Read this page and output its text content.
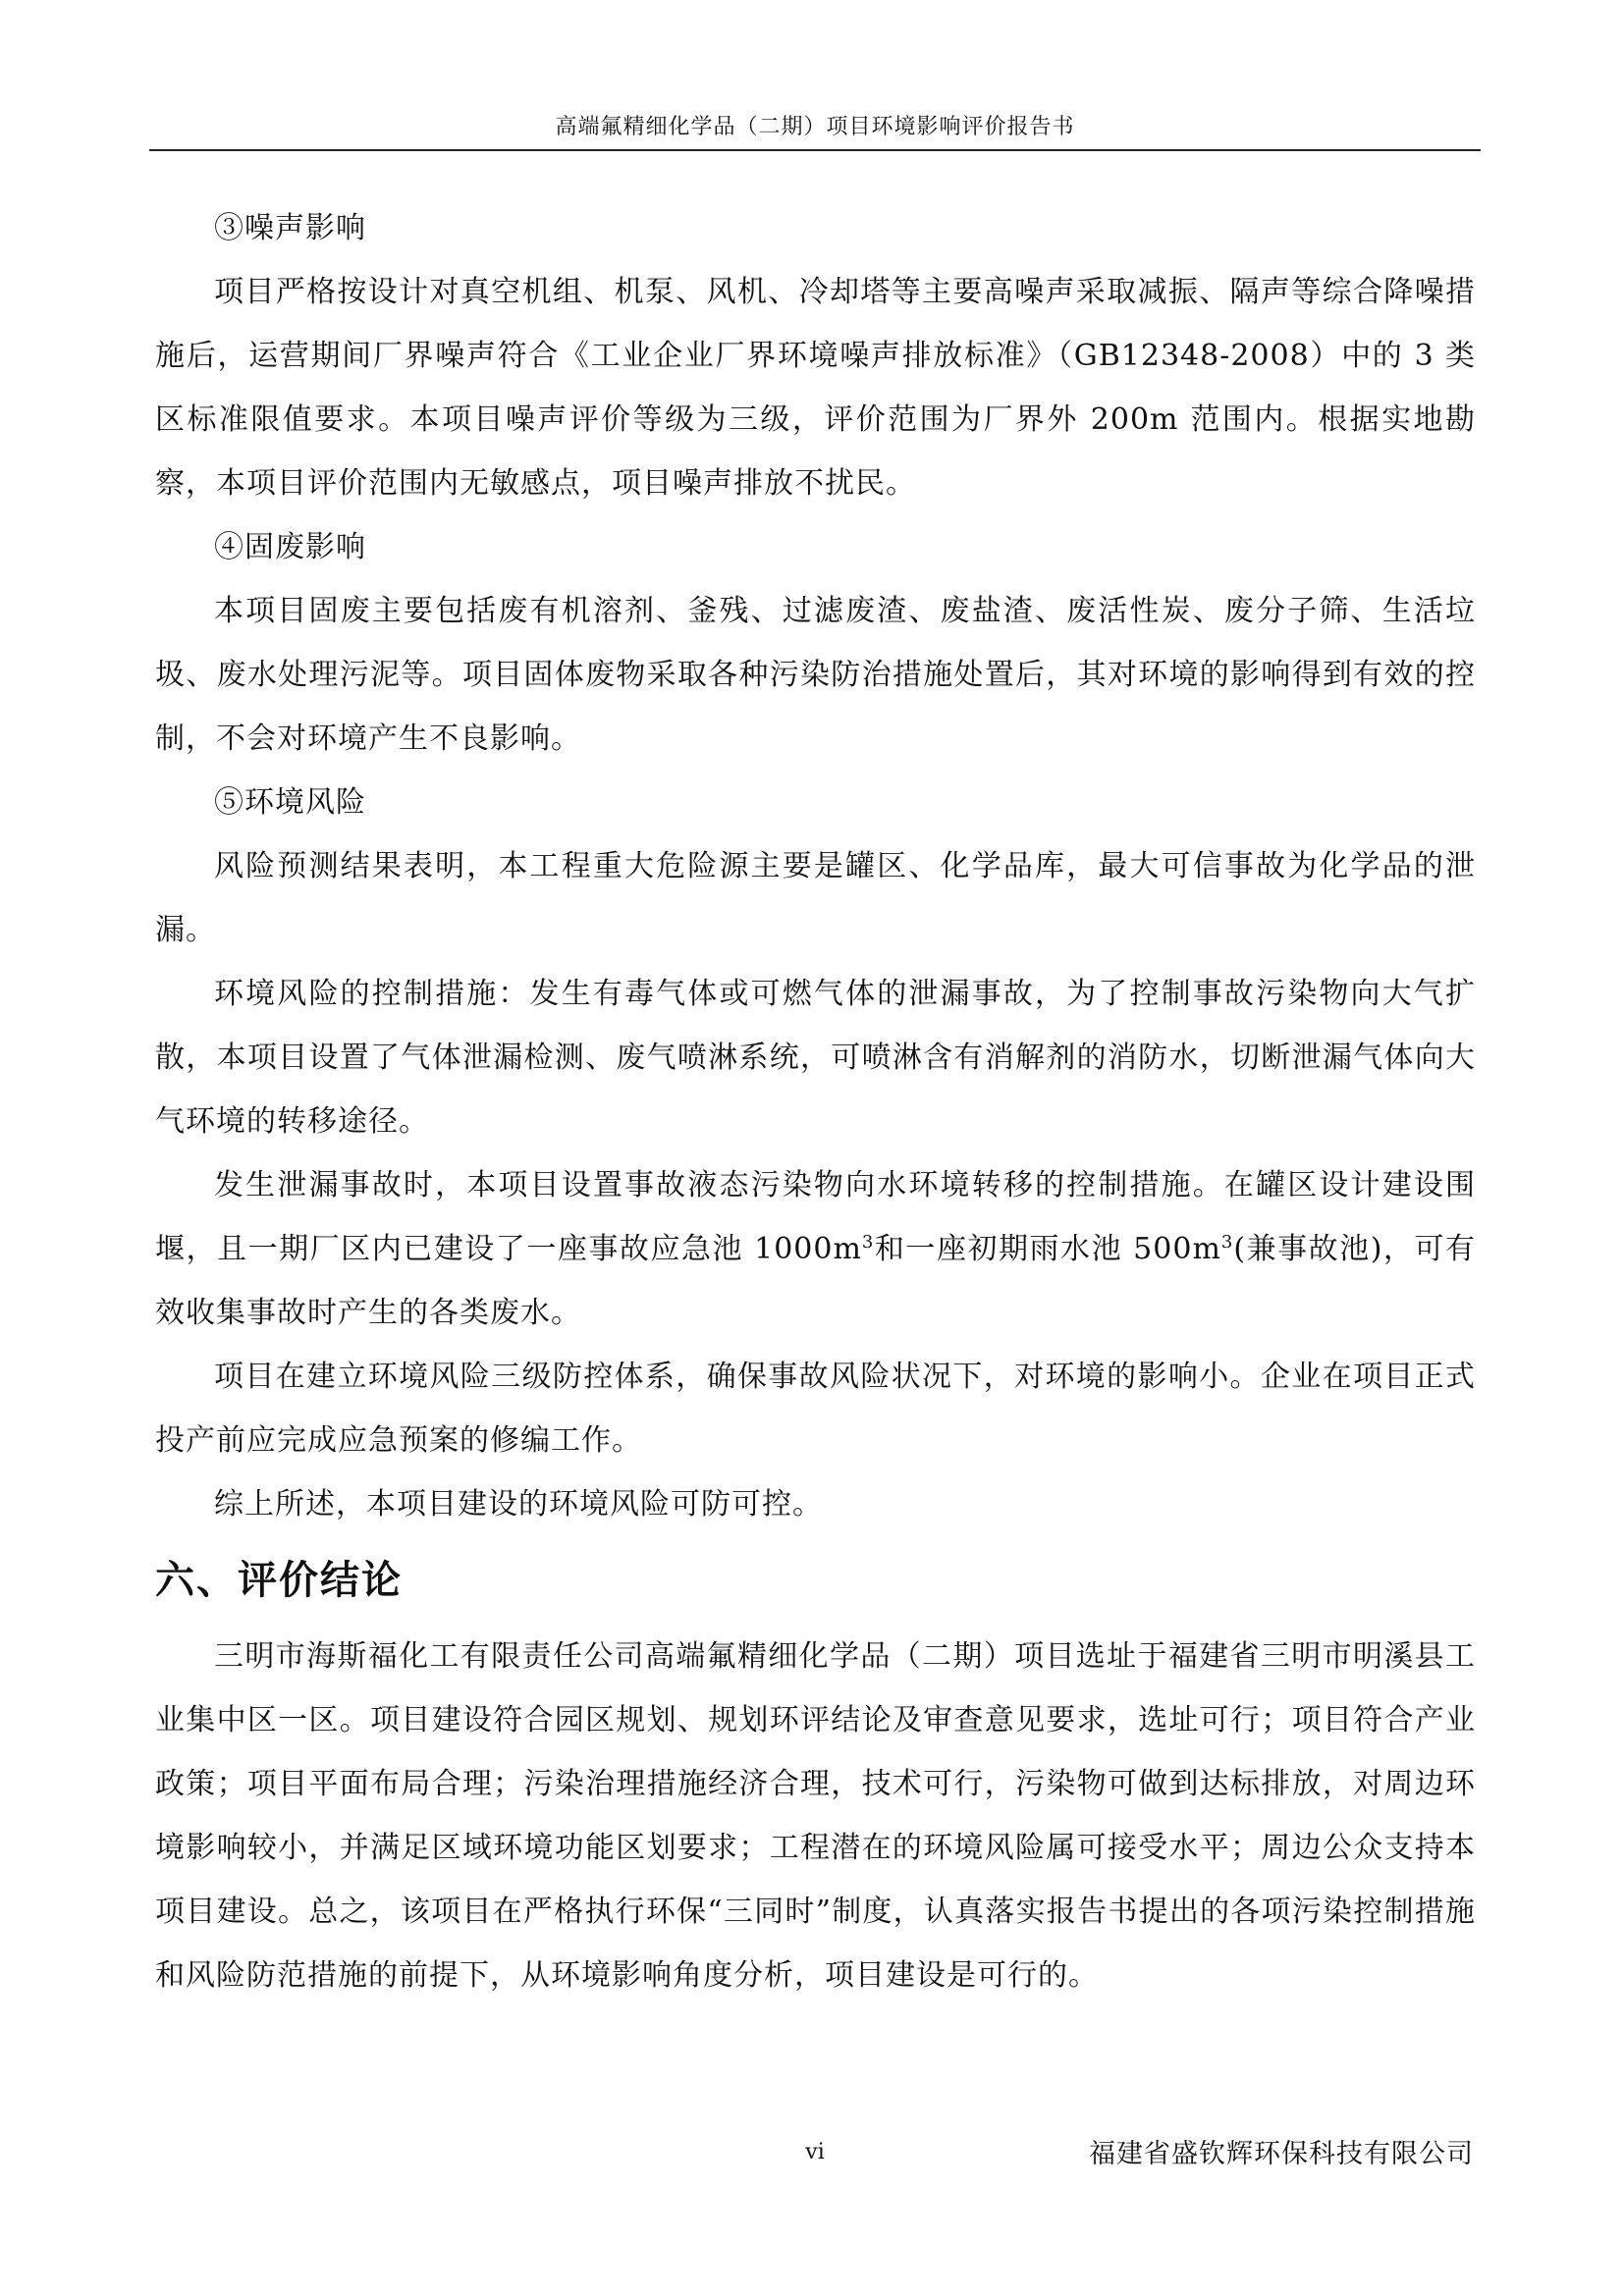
高端氟精细化学品（二期）项目环境影响评价报告书

③噪声影响

项目严格按设计对真空机组、机泵、风机、冷却塔等主要高噪声采取减振、隔声等综合降噪措施后，运营期间厂界噪声符合《工业企业厂界环境噪声排放标准》（GB12348-2008）中的 3 类区标准限值要求。本项目噪声评价等级为三级，评价范围为厂界外 200m 范围内。根据实地勘察，本项目评价范围内无敏感点，项目噪声排放不扰民。

④固废影响

本项目固废主要包括废有机溶剂、釜残、过滤废渣、废盐渣、废活性炭、废分子筛、生活垃圾、废水处理污泥等。项目固体废物采取各种污染防治措施处置后，其对环境的影响得到有效的控制，不会对环境产生不良影响。

⑤环境风险

风险预测结果表明，本工程重大危险源主要是罐区、化学品库，最大可信事故为化学品的泄漏。

环境风险的控制措施：发生有毒气体或可燃气体的泄漏事故，为了控制事故污染物向大气扩散，本项目设置了气体泄漏检测、废气喷淋系统，可喷淋含有消解剂的消防水，切断泄漏气体向大气环境的转移途径。

发生泄漏事故时，本项目设置事故液态污染物向水环境转移的控制措施。在罐区设计建设围堰，且一期厂区内已建设了一座事故应急池 $1000m^3$和一座初期雨水池 $500m^3$(兼事故池)，可有效收集事故时产生的各类废水。

项目在建立环境风险三级防控体系，确保事故风险状况下，对环境的影响小。企业在项目正式投产前应完成应急预案的修编工作。

综上所述，本项目建设的环境风险可防可控。

六、评价结论

三明市海斯福化工有限责任公司高端氟精细化学品（二期）项目选址于福建省三明市明溪县工业集中区一区。项目建设符合园区规划、规划环评结论及审查意见要求，选址可行；项目符合产业政策；项目平面布局合理；污染治理措施经济合理，技术可行，污染物可做到达标排放，对周边环境影响较小，并满足区域环境功能区划要求；工程潜在的环境风险属可接受水平；周边公众支持本项目建设。总之，该项目在严格执行环保“三同时”制度，认真落实报告书提出的各项污染控制措施和风险防范措施的前提下，从环境影响角度分析，项目建设是可行的。

vi	福建省盛钦辉环保科技有限公司
